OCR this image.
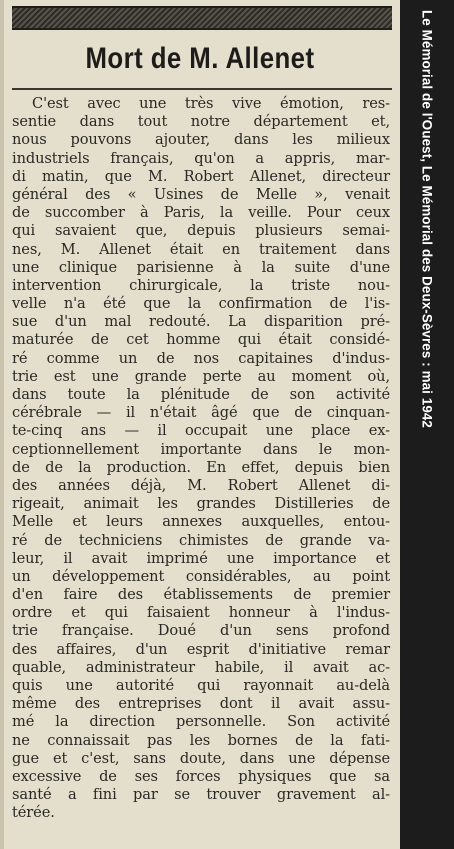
Mort de M. Allenet
C'est avec une très vive émotion, res-
sentie dans tout notre département et,
nous pouvons ajouter, dans les milieux
industriels français, qu'on a appris, mar-
di matin, que M. Robert Allenet, directeur
général des « Usines de Melle », venait
de succomber à Paris, la veille. Pour ceux
qui savaient que, depuis plusieurs semai-
nes, M. Allenet était en traitement dans
une clinique parisienne à la suite d'une
intervention chirurgicale, la triste nou-
velle n'a été que la confirmation de l'is-
sue d'un mal redouté. La disparition pré-
maturée de cet homme qui était considé-
ré comme un de nos capitaines d'indus-
trie est une grande perte au moment où,
dans toute la plénitude de son activité
cérébrale — il n'était âgé que de cinquan-
te-cinq ans — il occupait une place ex-
ceptionnellement importante dans le mon-
de de la production. En effet, depuis bien
des années déjà, M. Robert Allenet di-
rigeait, animait les grandes Distilleries de
Melle et leurs annexes auxquelles, entou-
ré de techniciens chimistes de grande va-
leur, il avait imprimé une importance et
un développement considérables, au point
d'en faire des établissements de premier
ordre et qui faisaient honneur à l'indus-
trie française. Doué d'un sens profond
des affaires, d'un esprit d'initiative remar
quable, administrateur habile, il avait ac-
quis une autorité qui rayonnait au-delà
même des entreprises dont il avait assu-
mé la direction personnelle. Son activité
ne connaissait pas les bornes de la fati-
gue et c'est, sans doute, dans une dépense
excessive de ses forces physiques que sa
santé a fini par se trouver gravement al-
térée.
Le Mémorial de l'Ouest, Le Mémorial des Deux-Sèvres : mai 1942
